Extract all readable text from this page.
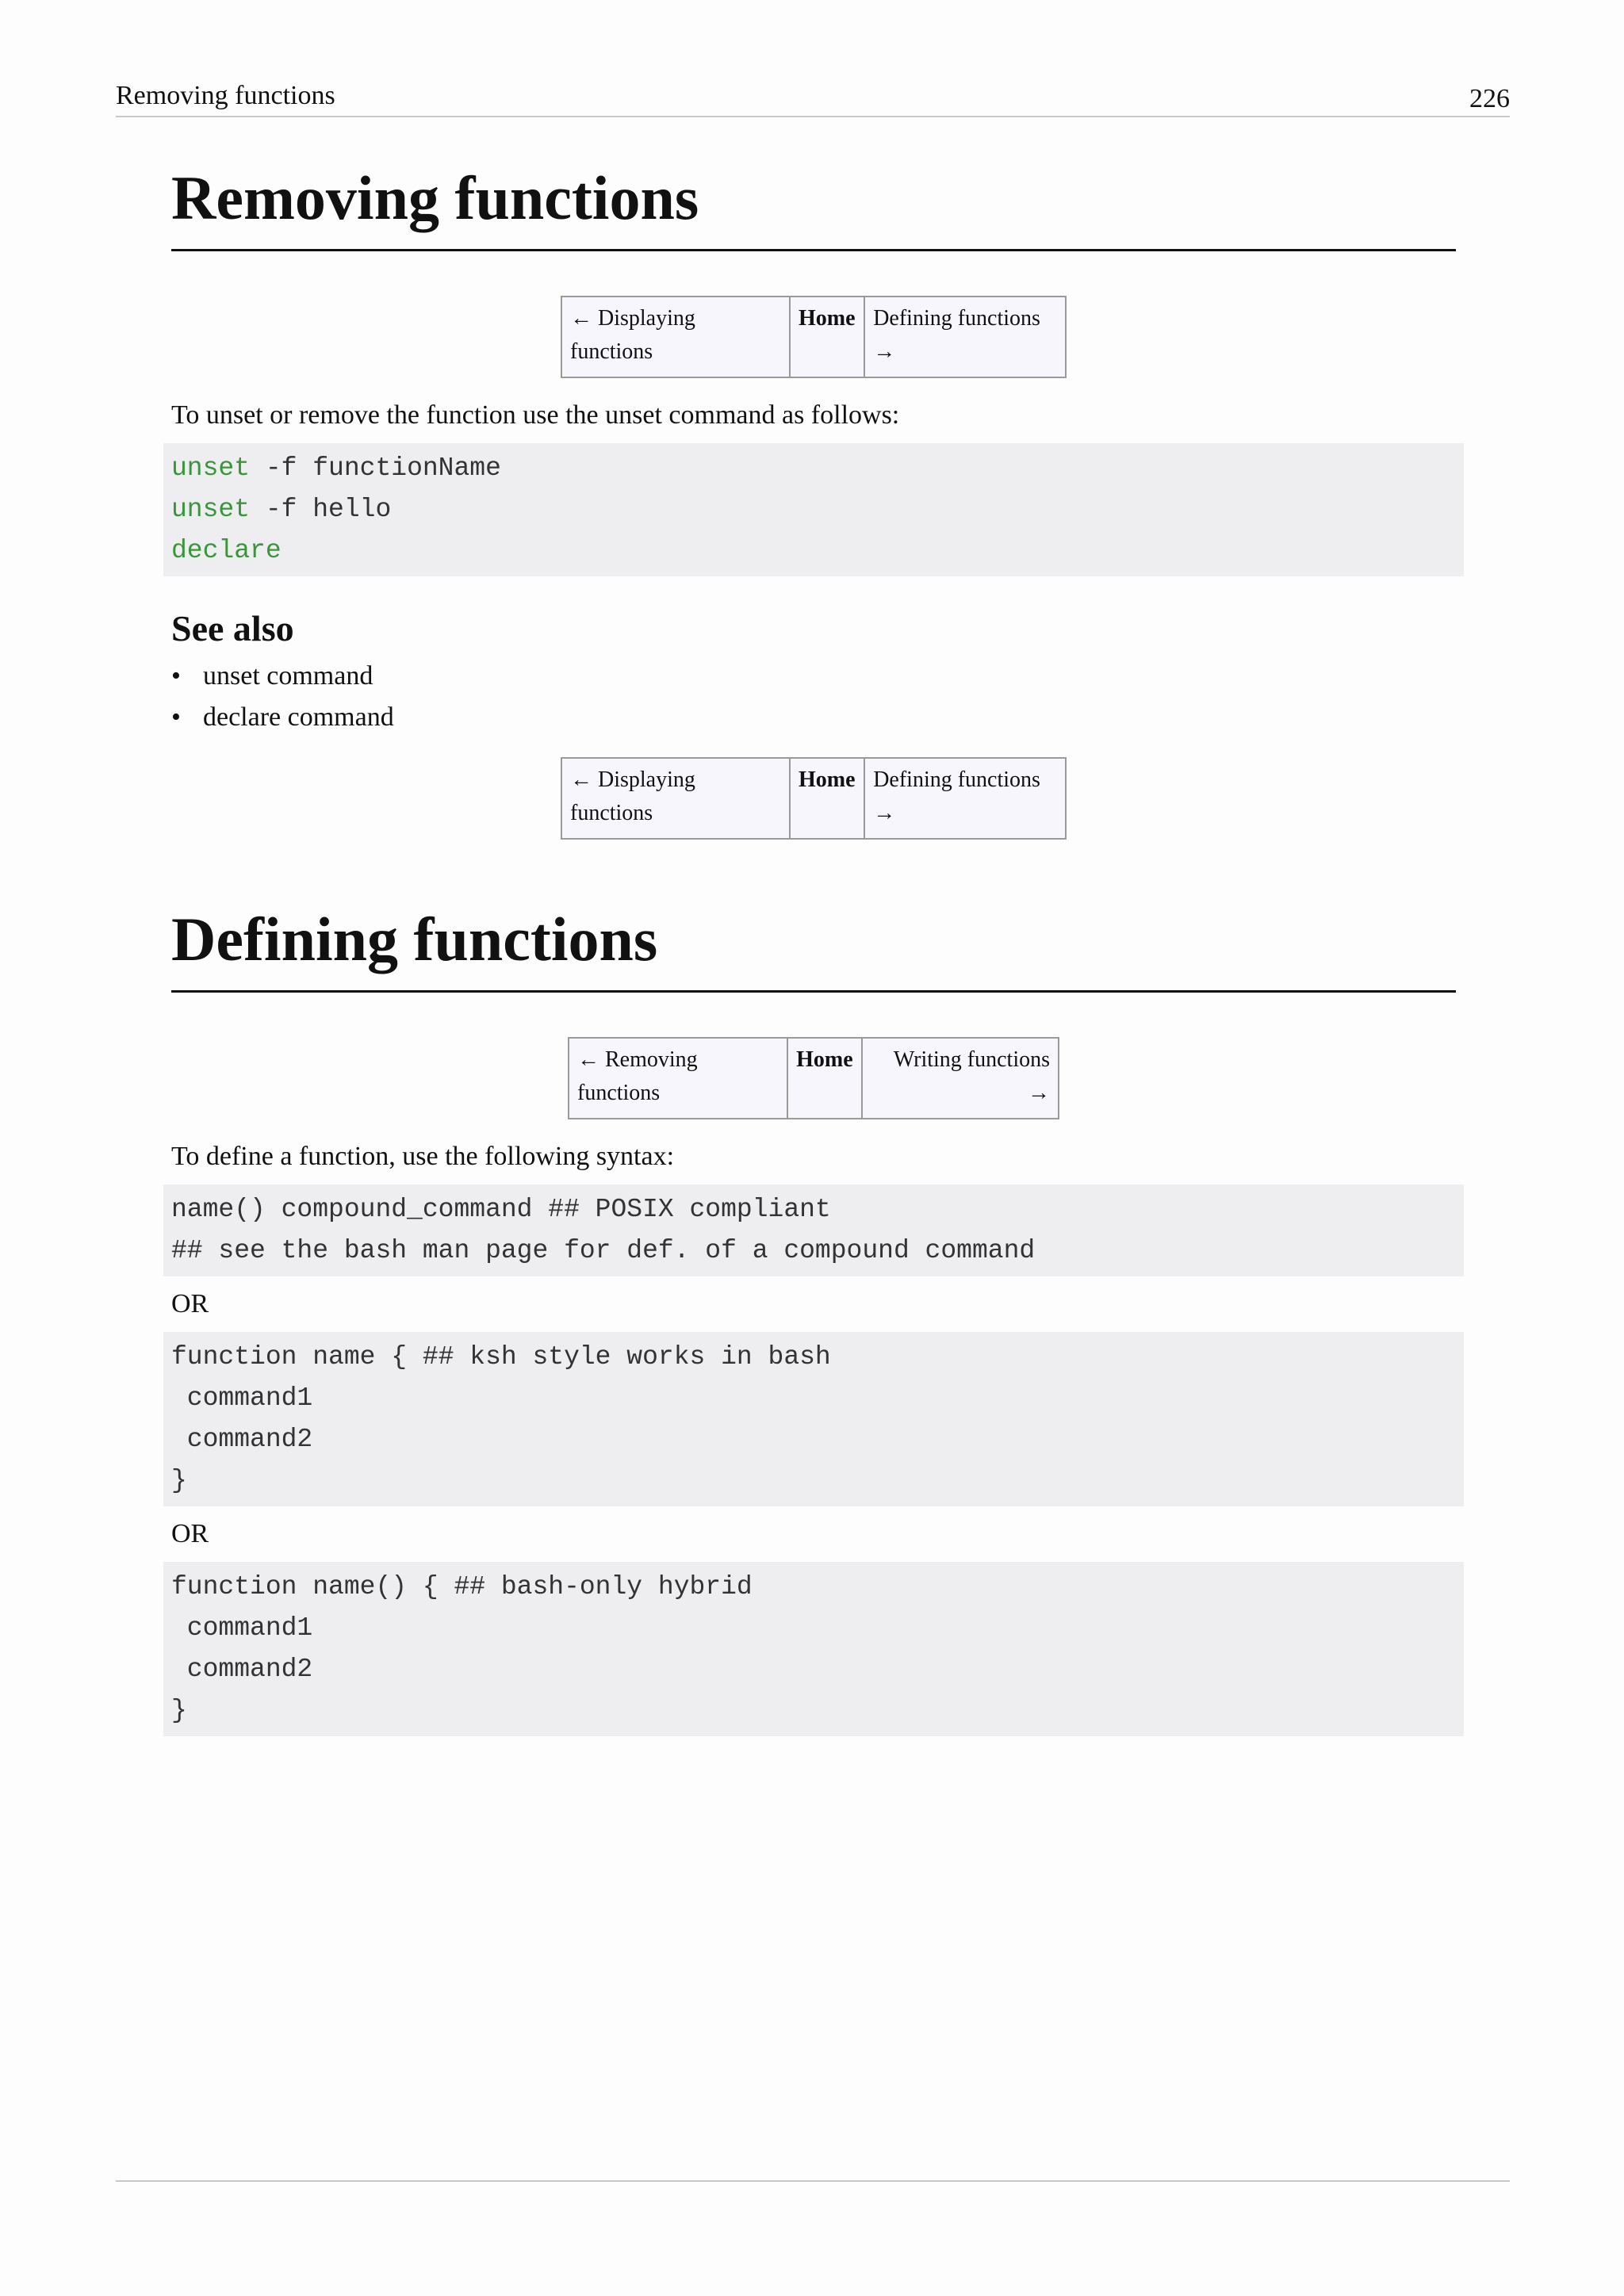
Removing functions	226
Removing functions
← Displaying functions	Home	Defining functions →

To unset or remove the function use the unset command as follows:

unset -f functionName
unset -f hello
declare
See also
• unset command
• declare command
← Displaying functions	Home	Defining functions →
Defining functions
← Removing functions	Home	Writing functions →

To define a function, use the following syntax:

name() compound_command ## POSIX compliant
## see the bash man page for def. of a compound command

OR

function name { ## ksh style works in bash
command1
command2
}

OR

function name() { ## bash-only hybrid
command1
command2
}
